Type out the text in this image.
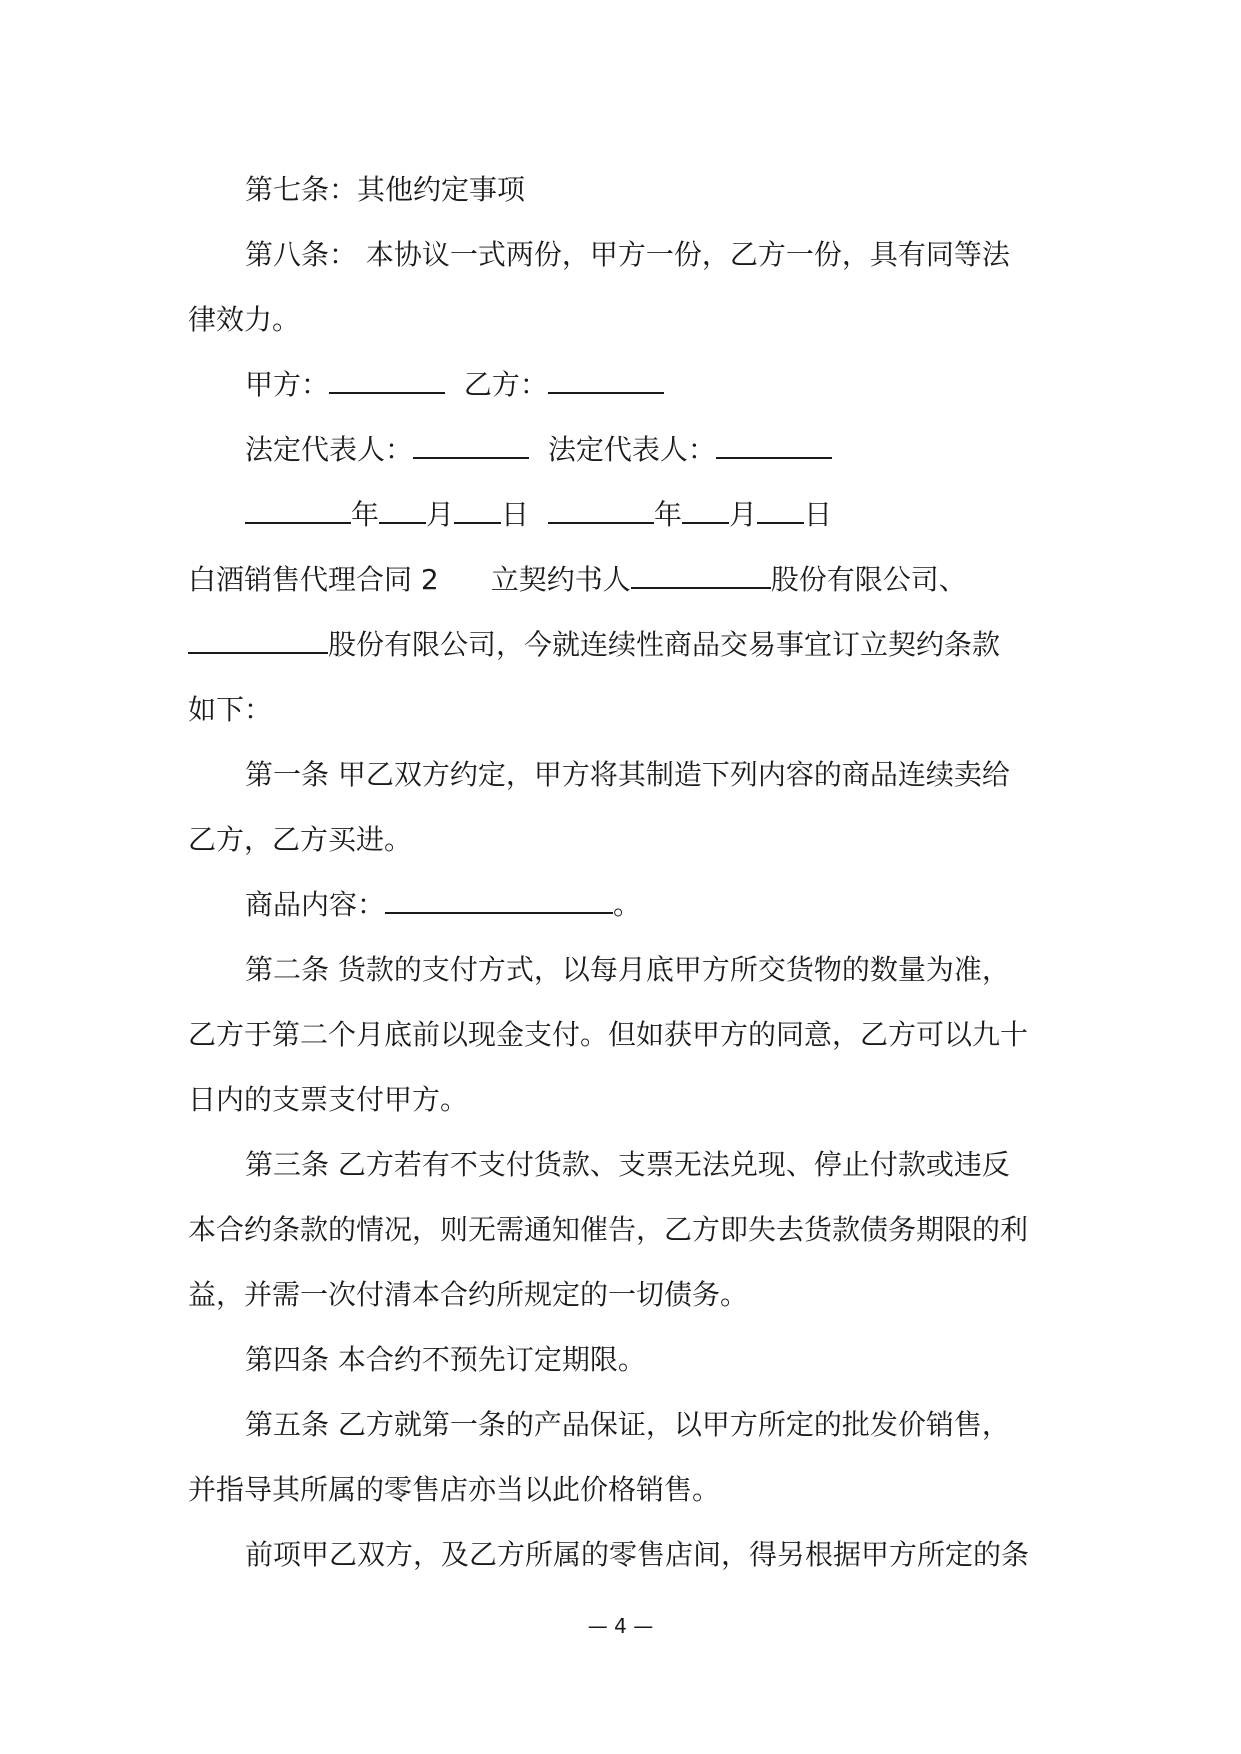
第七条：其他约定事项

第八条： 本协议一式两份，甲方一份，乙方一份，具有同等法

律效力。

甲方：	乙方：

法定代表人：	法定代表人：

年 月 日	年 月 日

白酒销售代理合同 2 立契约书人	股份有限公司、

股份有限公司，今就连续性商品交易事宜订立契约条款

如下：

第一条 甲乙双方约定，甲方将其制造下列内容的商品连续卖给

乙方，乙方买进。

商品内容：	。

第二条 货款的支付方式，以每月底甲方所交货物的数量为准，

乙方于第二个月底前以现金支付。但如获甲方的同意，乙方可以九十

日内的支票支付甲方。

第三条 乙方若有不支付货款、支票无法兑现、停止付款或违反

本合约条款的情况，则无需通知催告，乙方即失去货款债务期限的利

益，并需一次付清本合约所规定的一切债务。

第四条 本合约不预先订定期限。

第五条 乙方就第一条的产品保证，以甲方所定的批发价销售，

并指导其所属的零售店亦当以此价格销售。

前项甲乙双方，及乙方所属的零售店间，得另根据甲方所定的条

— 4 —
